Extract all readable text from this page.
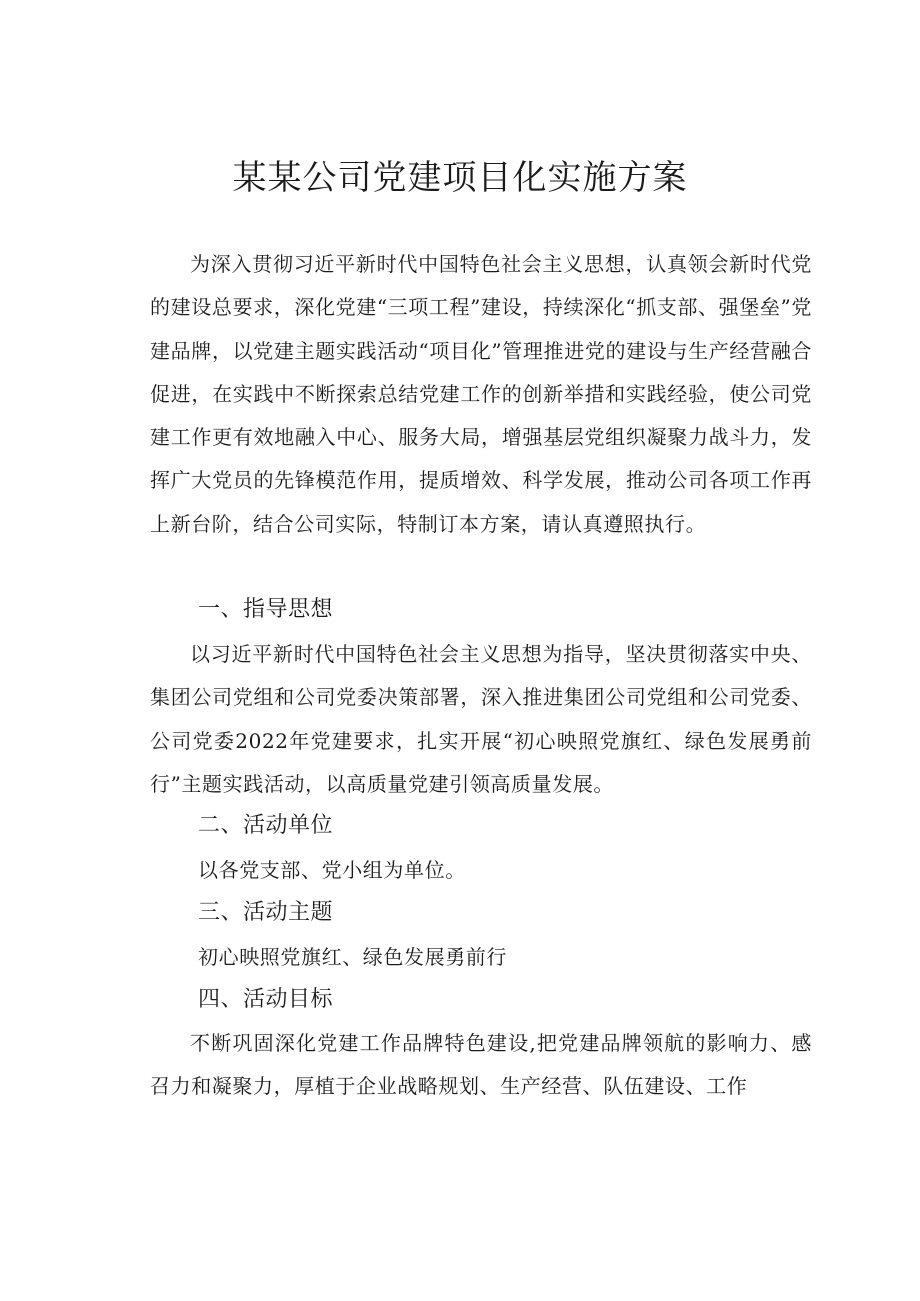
某某公司党建项目化实施方案

为深入贯彻习近平新时代中国特色社会主义思想，认真领会新时代党的建设总要求，深化党建“三项工程”建设，持续深化“抓支部、强堡垒”党建品牌，以党建主题实践活动“项目化”管理推进党的建设与生产经营融合促进，在实践中不断探索总结党建工作的创新举措和实践经验，使公司党建工作更有效地融入中心、服务大局，增强基层党组织凝聚力战斗力，发挥广大党员的先锋模范作用，提质增效、科学发展，推动公司各项工作再上新台阶，结合公司实际，特制订本方案，请认真遵照执行。

一、指导思想

以习近平新时代中国特色社会主义思想为指导，坚决贯彻落实中央、集团公司党组和公司党委决策部署，深入推进集团公司党组和公司党委、公司党委2022年党建要求，扎实开展“初心映照党旗红、绿色发展勇前行”主题实践活动，以高质量党建引领高质量发展。

二、活动单位

以各党支部、党小组为单位。

三、活动主题

初心映照党旗红、绿色发展勇前行

四、活动目标

不断巩固深化党建工作品牌特色建设,把党建品牌领航的影响力、感召力和凝聚力，厚植于企业战略规划、生产经营、队伍建设、工作
